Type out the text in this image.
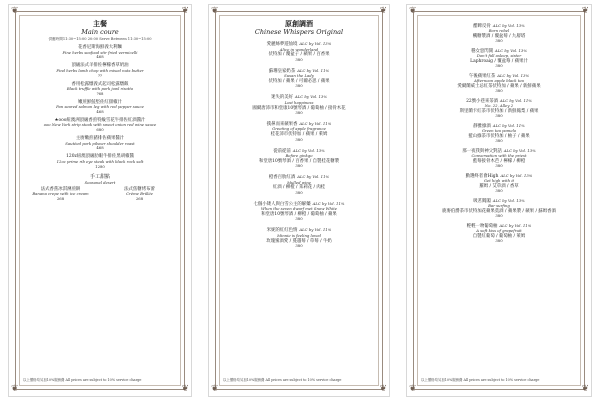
❦	❦
❦	❦
主餐
Main coure
供應時間11:30~15:00 20:00 Serve Between 11:30~15:00
花香尼斯海鮮義大利麵
Fine herbs seafood stir fried vermicelli
468
頂級法式羊排佐檸檬香草奶油
Find herbs lamb chop with mixed nuts butter
??
香用松露燉義式起司松露燉飯
Black truffle with pork jowl risotto
?68
嫩煎鮮鮭堅佐紅甜椒汁
Pan seared salmon leg with red pepper sauce
468
★ooo紐澳洲頂級香煎特級雪花牛排佐紅酒醬汁
ooo New York strip steak with sweet onion red wine sauce
680
主廚嫩煎豬排佐蘋果醬汁
Sautéed pork pilsner shoulder roast
468
120z紐澳頂級肋眼牛排佐黑胡椒醬
12oz prime rib eye steak with black rock salt
1280
手工甜點
Seasonal desert
法式香蕉冰淇淋煎餅
Banana crepe with ice cream
268
法式焦糖烤布蕾
Crème Brûlée
268
以上價格均另加10%服務費 All prices are subject to 10% service charge
❦	❦
❦	❦
原創調酒
Chinese Whispers Original
愛麗絲夢遊仙境 ALC by Vol. 13%
Alice in wonderland
伏特加 / 覆盆子 / 蘋果 / 百香果
380
蘇珊皇家奶茶 ALC by Vol. 11%
Susan the Lady
伏特加 / 蘋果 / 可爾必思 / 蘋果
380
迷失的美好 ALC by Vol. 13%
Lost happiness
國爾唐沛市和堂康10號琴酒 / 葡萄柚 / 接骨木花
380
撲鼻而來蘋果香 ALC by Vol. 11%
Greeting of apple fragrance
桂花沛市伏特加 / 蘋果 / 萊姆
380
從前從前 ALC by Vol. 13%
Before ginkgo
和堂唐10號琴酒 / 百香果 / 自製桂花糖漿
380
橙香百肋紅酒 ALC by Vol. 11%
Mulled wine
紅酒 / 柳橙 / 茉莉花 / 肉桂
380
七個小矮人與白雪公主的解藥 ALC by Vol. 11%
When the seven dwarf met Snow White
和堂唐10號琴酒 / 柳橙 / 葡萄柚 / 蘋果
380
米妮的紅紅色情 ALC by Vol. 11%
Minnie is feeling loved
玫瑰蜜酒愛 / 蔓越莓 / 草莓 / 牛奶
380
以上價格均另加10%服務費 All prices are subject to 10% service charge
❦	❦
❦	❦
醋睥反骨 ALC by Vol. 13%
Born rebel
楓糖漿酒 / 覆盆莓 / 九層塔
380
穩女惡閃開 ALC by Vol. 13%
Don't fall asleep, sister
Laphroaig / 覆盆莓 / 蘋果汁
380
午後蘋果紅茶 ALC by Vol. 13%
Afternoon apple black tea
愛爾蘭威士忌紅茶伏特加 / 蘋果 / 新鮮蘋果
380
22號小巷來茶酒 ALC by Vol. 11%
No. 22, Alley 2
斯里蘭卡紅茶市伏特加 / 新鮮鳳梨 / 蘋果
380
靜雅綠酒 ALC by Vol. 11%
Green tea pomelo
藍山綠茶市伏特加 / 柚子 / 蘋果
380
那一夜我與神父對話 ALC by Vol. 13%
Conversation with the priest
藍莓接骨木芭 / 檸檬 / 柳橙
380
勤選終者會High ALC by Vol. 13%
Get high with it
羅姆 / 艾草酒 / 香草
380
吸茗閻閣 ALC by Vol. 13%
Bar surfing
鹿麥伯爵茶市伏特加花蘋果莫酒 / 蘋果漿 / 蘋果 / 蘇姆香酒
380
輕輕一吻葡萄柚 ALC by Vol. 11%
A soft kiss of grapefruit
自製紅葡萄 / 葡萄柚 / 萊姆
380
以上價格均另加10%服務費 All prices are subject to 10% service charge
